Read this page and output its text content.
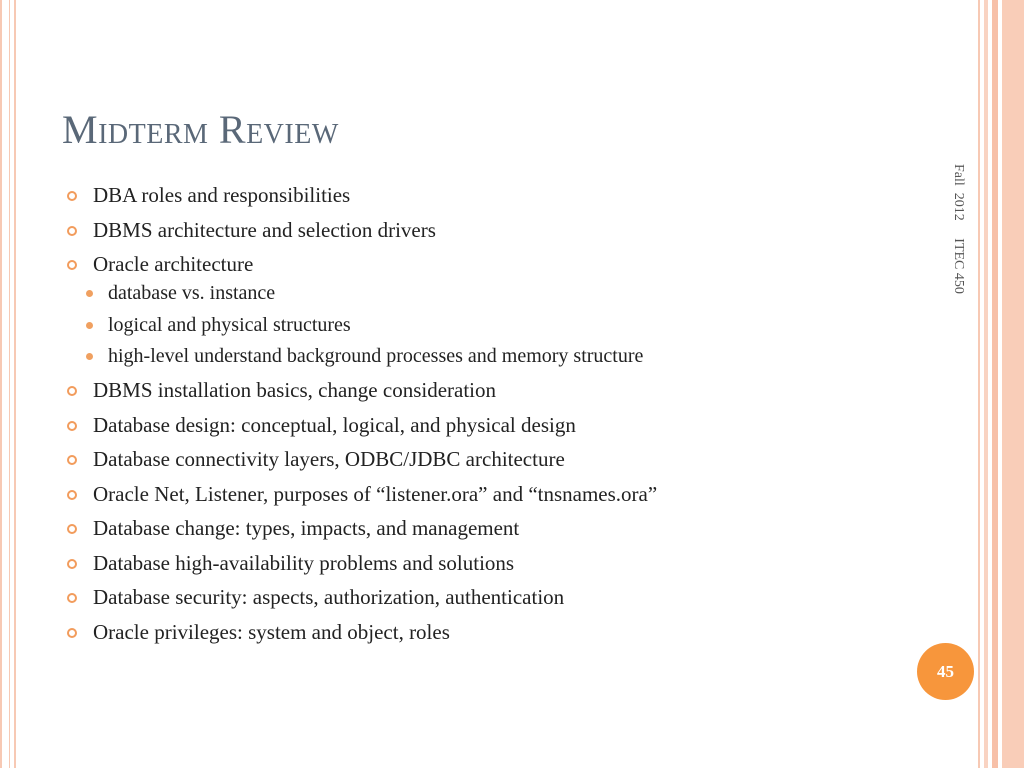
Midterm Review
DBA roles and responsibilities
DBMS architecture and selection drivers
Oracle architecture
database vs. instance
logical and physical structures
high-level understand background processes and memory structure
DBMS installation basics, change consideration
Database design: conceptual, logical, and physical design
Database connectivity layers, ODBC/JDBC architecture
Oracle Net, Listener, purposes of “listener.ora” and “tnsnames.ora”
Database change: types, impacts, and management
Database high-availability problems and solutions
Database security: aspects, authorization, authentication
Oracle privileges: system and object, roles
Fall  2012     ITEC 450
45
